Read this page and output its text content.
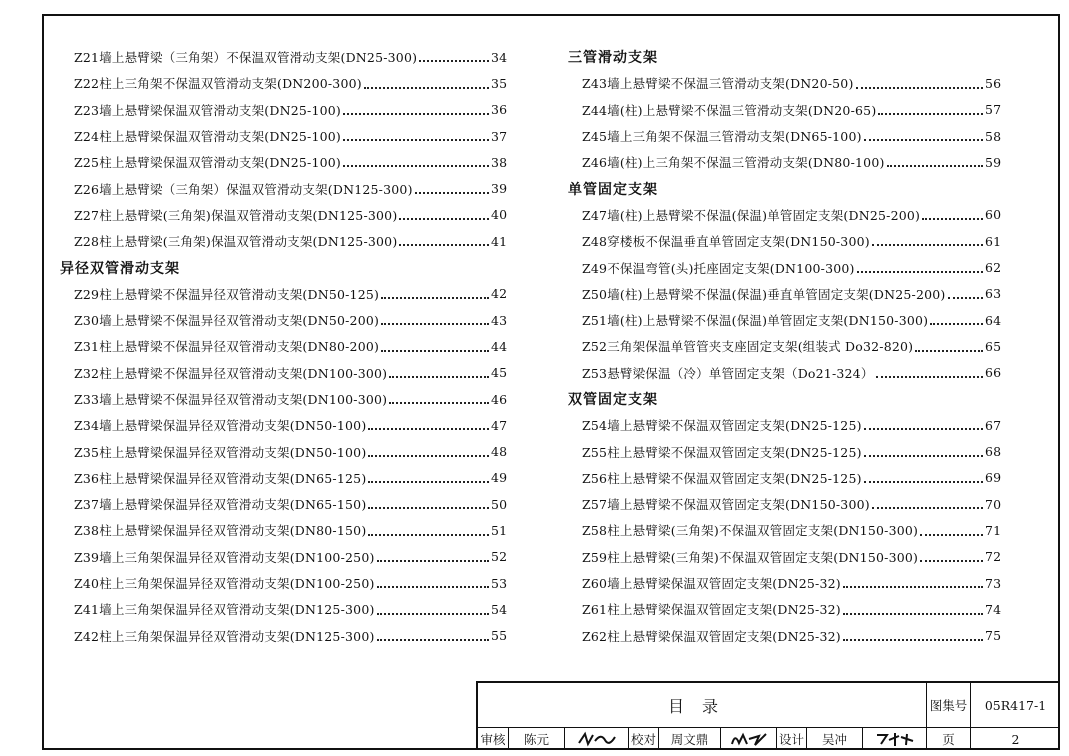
Z21墙上悬臂梁（三角架）不保温双管滑动支架(DN25-300)	34
Z22柱上三角架不保温双管滑动支架(DN200-300)	35
Z23墙上悬臂梁保温双管滑动支架(DN25-100)	36
Z24柱上悬臂梁保温双管滑动支架(DN25-100)	37
Z25柱上悬臂梁保温双管滑动支架(DN25-100)	38
Z26墙上悬臂梁（三角架）保温双管滑动支架(DN125-300)	39
Z27柱上悬臂梁(三角架)保温双管滑动支架(DN125-300)	40
Z28柱上悬臂梁(三角架)保温双管滑动支架(DN125-300)	41
异径双管滑动支架
Z29柱上悬臂梁不保温异径双管滑动支架(DN50-125)	42
Z30墙上悬臂梁不保温异径双管滑动支架(DN50-200)	43
Z31柱上悬臂梁不保温异径双管滑动支架(DN80-200)	44
Z32柱上悬臂梁不保温异径双管滑动支架(DN100-300)	45
Z33墙上悬臂梁不保温异径双管滑动支架(DN100-300)	46
Z34墙上悬臂梁保温异径双管滑动支架(DN50-100)	47
Z35柱上悬臂梁保温异径双管滑动支架(DN50-100)	48
Z36柱上悬臂梁保温异径双管滑动支架(DN65-125)	49
Z37墙上悬臂梁保温异径双管滑动支架(DN65-150)	50
Z38柱上悬臂梁保温异径双管滑动支架(DN80-150)	51
Z39墙上三角架保温异径双管滑动支架(DN100-250)	52
Z40柱上三角架保温异径双管滑动支架(DN100-250)	53
Z41墙上三角架保温异径双管滑动支架(DN125-300)	54
Z42柱上三角架保温异径双管滑动支架(DN125-300)	55
三管滑动支架
Z43墙上悬臂梁不保温三管滑动支架(DN20-50)	56
Z44墙(柱)上悬臂梁不保温三管滑动支架(DN20-65)	57
Z45墙上三角架不保温三管滑动支架(DN65-100)	58
Z46墙(柱)上三角架不保温三管滑动支架(DN80-100)	59
单管固定支架
Z47墙(柱)上悬臂梁不保温(保温)单管固定支架(DN25-200)	60
Z48穿楼板不保温垂直单管固定支架(DN150-300)	61
Z49不保温弯管(头)托座固定支架(DN100-300)	62
Z50墙(柱)上悬臂梁不保温(保温)垂直单管固定支架(DN25-200)	63
Z51墙(柱)上悬臂梁不保温(保温)单管固定支架(DN150-300)	64
Z52三角架保温单管管夹支座固定支架(组装式 Do32-820)	65
Z53悬臂梁保温（冷）单管固定支架（Do21-324）	66
双管固定支架
Z54墙上悬臂梁不保温双管固定支架(DN25-125)	67
Z55柱上悬臂梁不保温双管固定支架(DN25-125)	68
Z56柱上悬臂梁不保温双管固定支架(DN25-125)	69
Z57墙上悬臂梁不保温双管固定支架(DN150-300)	70
Z58柱上悬臂梁(三角架)不保温双管固定支架(DN150-300)	71
Z59柱上悬臂梁(三角架)不保温双管固定支架(DN150-300)	72
Z60墙上悬臂梁保温双管固定支架(DN25-32)	73
Z61柱上悬臂梁保温双管固定支架(DN25-32)	74
Z62柱上悬臂梁保温双管固定支架(DN25-32)	75
目录	图集号	05R417-1
审核	陈元	校对	周文鼎	设计	吴冲	页	2
